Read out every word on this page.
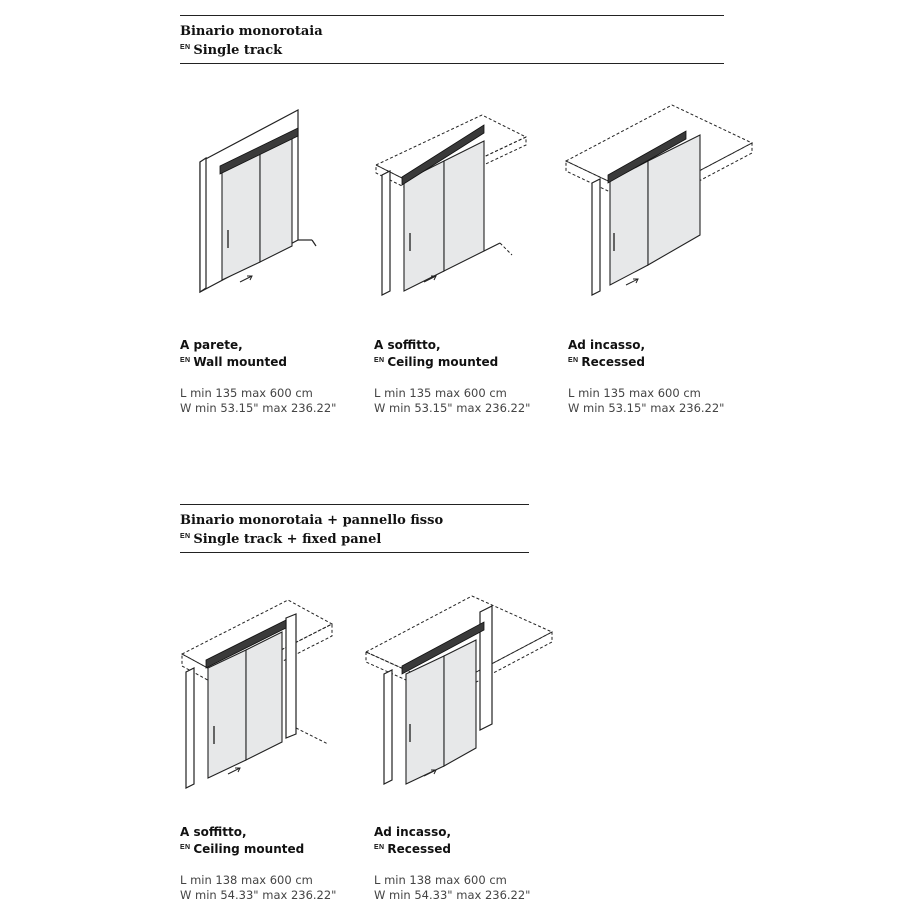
Binario monorotaia
$^{EN}$ Single track
A parete,
$^{EN}$ Wall mounted
L min 135 max 600 cm
W min 53.15" max 236.22"
A soffitto,
$^{EN}$ Ceiling mounted
L min 135 max 600 cm
W min 53.15" max 236.22"
Ad incasso,
$^{EN}$ Recessed
L min 135 max 600 cm
W min 53.15" max 236.22"
Binario monorotaia + pannello fisso
$^{EN}$ Single track + fixed panel
A soffitto,
$^{EN}$ Ceiling mounted
L min 138 max 600 cm
W min 54.33" max 236.22"
Ad incasso,
$^{EN}$ Recessed
L min 138 max 600 cm
W min 54.33" max 236.22"
